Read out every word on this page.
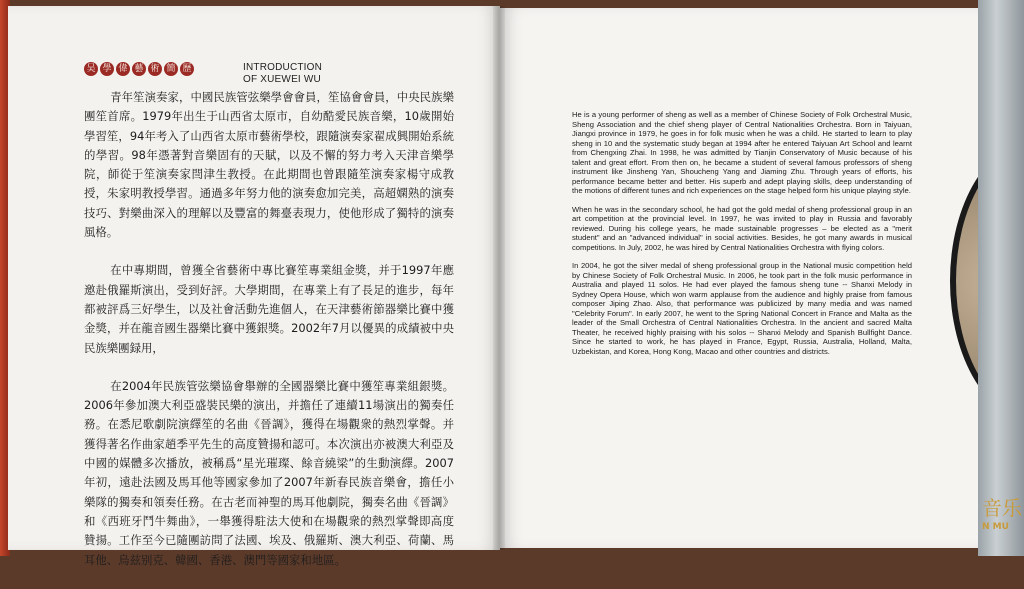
音乐
N MU
吴 學 偉 藝 術 簡 歷	INTRODUCTION
OF XUEWEI WU

青年笙演奏家，中國民族管弦樂學會會員，笙協會會員，中央民族樂團笙首席。1979年出生于山西省太原市，自幼酷愛民族音樂，10歲開始學習笙，94年考入了山西省太原市藝術學校，跟隨演奏家翟成興開始系統的學習。98年憑著對音樂固有的天賦，以及不懈的努力考入天津音樂學院，師從于笙演奏家閆津生教授。在此期間也曾跟隨笙演奏家楊守成教授，朱家明教授學習。通過多年努力他的演奏愈加完美，高超嫻熟的演奏技巧、對樂曲深入的理解以及豐富的舞臺表現力，使他形成了獨特的演奏風格。

在中專期間，曾獲全省藝術中專比賽笙專業組金獎，并于1997年應邀赴俄羅斯演出，受到好評。大學期間，在專業上有了長足的進步，每年都被評爲三好學生，以及社會活動先進個人，在天津藝術節器樂比賽中獲金獎，并在龍音國生器樂比賽中獲銀獎。2002年7月以優異的成績被中央民族樂團録用，

在2004年民族管弦樂協會舉辦的全國器樂比賽中獲笙專業組銀獎。2006年參加澳大利亞盛裝民樂的演出，并擔任了連續11場演出的獨奏任務。在悉尼歌劇院演繹笙的名曲《晉調》，獲得在場觀衆的熱烈掌聲。并獲得著名作曲家趙季平先生的高度贊揚和認可。本次演出亦被澳大利亞及中國的媒體多次播放，被稱爲“星光璀璨、餘音繞梁”的生動演繹。2007年初，遠赴法國及馬耳他等國家參加了2007年新春民族音樂會，擔任小樂隊的獨奏和領奏任務。在古老而神聖的馬耳他劇院，獨奏名曲《晉調》和《西班牙鬥牛舞曲》，一舉獲得駐法大使和在場觀衆的熱烈掌聲即高度贊揚。工作至今已隨團訪問了法國、埃及、俄羅斯、澳大利亞、荷蘭、馬耳他、烏兹别克、韓國、香港、澳門等國家和地區。

He is a young performer of sheng as well as a member of Chinese Society of Folk Orchestral Music, Sheng Association and the chief sheng player of Central Nationalities Orchestra. Born in Taiyuan, Jiangxi province in 1979, he goes in for folk music when he was a child. He started to learn to play sheng in 10 and the systematic study began at 1994 after he entered Taiyuan Art School and learnt from Chengxing Zhai. In 1998, he was admitted by Tianjin Conservatory of Music because of his talent and great effort. From then on, he became a student of several famous professors of sheng instrument like Jinsheng Yan, Shoucheng Yang and Jiaming Zhu. Through years of efforts, his performance became better and better. His superb and adept playing skills, deep understanding of the motions of different tunes and rich experiences on the stage helped form his unique playing style.

When he was in the secondary school, he had got the gold medal of sheng professional group in an art competition at the provincial level. In 1997, he was invited to play in Russia and favorably reviewed. During his college years, he made sustainable progresses – be elected as a "merit student" and an "advanced individual" in social activities. Besides, he got many awards in musical competitions. In July, 2002, he was hired by Central Nationalities Orchestra with flying colors.

In 2004, he got the silver medal of sheng professional group in the National music competition held by Chinese Society of Folk Orchestral Music. In 2006, he took part in the folk music performance in Australia and played 11 solos. He had ever played the famous sheng tune -- Shanxi Melody in Sydney Opera House, which won warm applause from the audience and highly praise from famous composer Jiping Zhao. Also, that performance was publicized by many media and was named "Celebrity Forum". In early 2007, he went to the Spring National Concert in France and Malta as the leader of the Small Orchestra of Central Nationalities Orchestra. In the ancient and sacred Malta Theater, he received highly praising with his solos -- Shanxi Melody and Spanish Bullfight Dance. Since he started to work, he has played in France, Egypt, Russia, Australia, Holland, Malta, Uzbekistan, and Korea, Hong Kong, Macao and other countries and districts.
